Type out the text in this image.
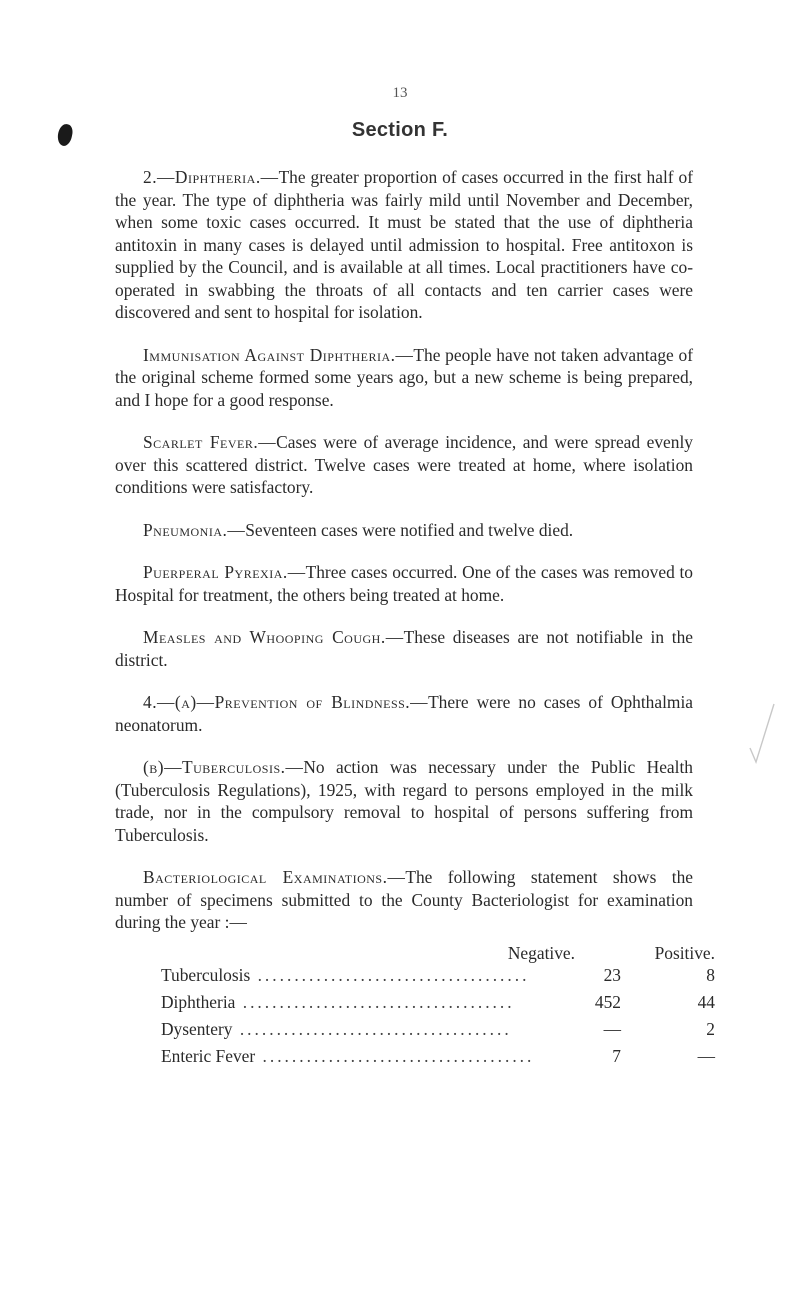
13
Section F.

2.—Diphtheria.—The greater proportion of cases occurred in the first half of the year. The type of diphtheria was fairly mild until November and December, when some toxic cases occurred. It must be stated that the use of diphtheria antitoxin in many cases is delayed until admission to hospital. Free antitoxon is supplied by the Council, and is available at all times. Local practitioners have co-operated in swabbing the throats of all contacts and ten carrier cases were discovered and sent to hospital for isolation.

Immunisation Against Diphtheria.—The people have not taken advantage of the original scheme formed some years ago, but a new scheme is being prepared, and I hope for a good response.

Scarlet Fever.—Cases were of average incidence, and were spread evenly over this scattered district. Twelve cases were treated at home, where isolation conditions were satisfactory.

Pneumonia.—Seventeen cases were notified and twelve died.

Puerperal Pyrexia.—Three cases occurred. One of the cases was removed to Hospital for treatment, the others being treated at home.

Measles and Whooping Cough.—These diseases are not notifiable in the district.

4.—(a)—Prevention of Blindness.—There were no cases of Ophthalmia neonatorum.

(b)—Tuberculosis.—No action was necessary under the Public Health (Tuberculosis Regulations), 1925, with regard to persons employed in the milk trade, nor in the compulsory removal to hospital of persons suffering from Tuberculosis.

Bacteriological Examinations.—The following statement shows the number of specimens submitted to the County Bacteriologist for examination during the year :—

Negative.	Positive.
Tuberculosis .....................................	23	8
Diphtheria .....................................	452	44
Dysentery .....................................	—	2
Enteric Fever .....................................	7	—
